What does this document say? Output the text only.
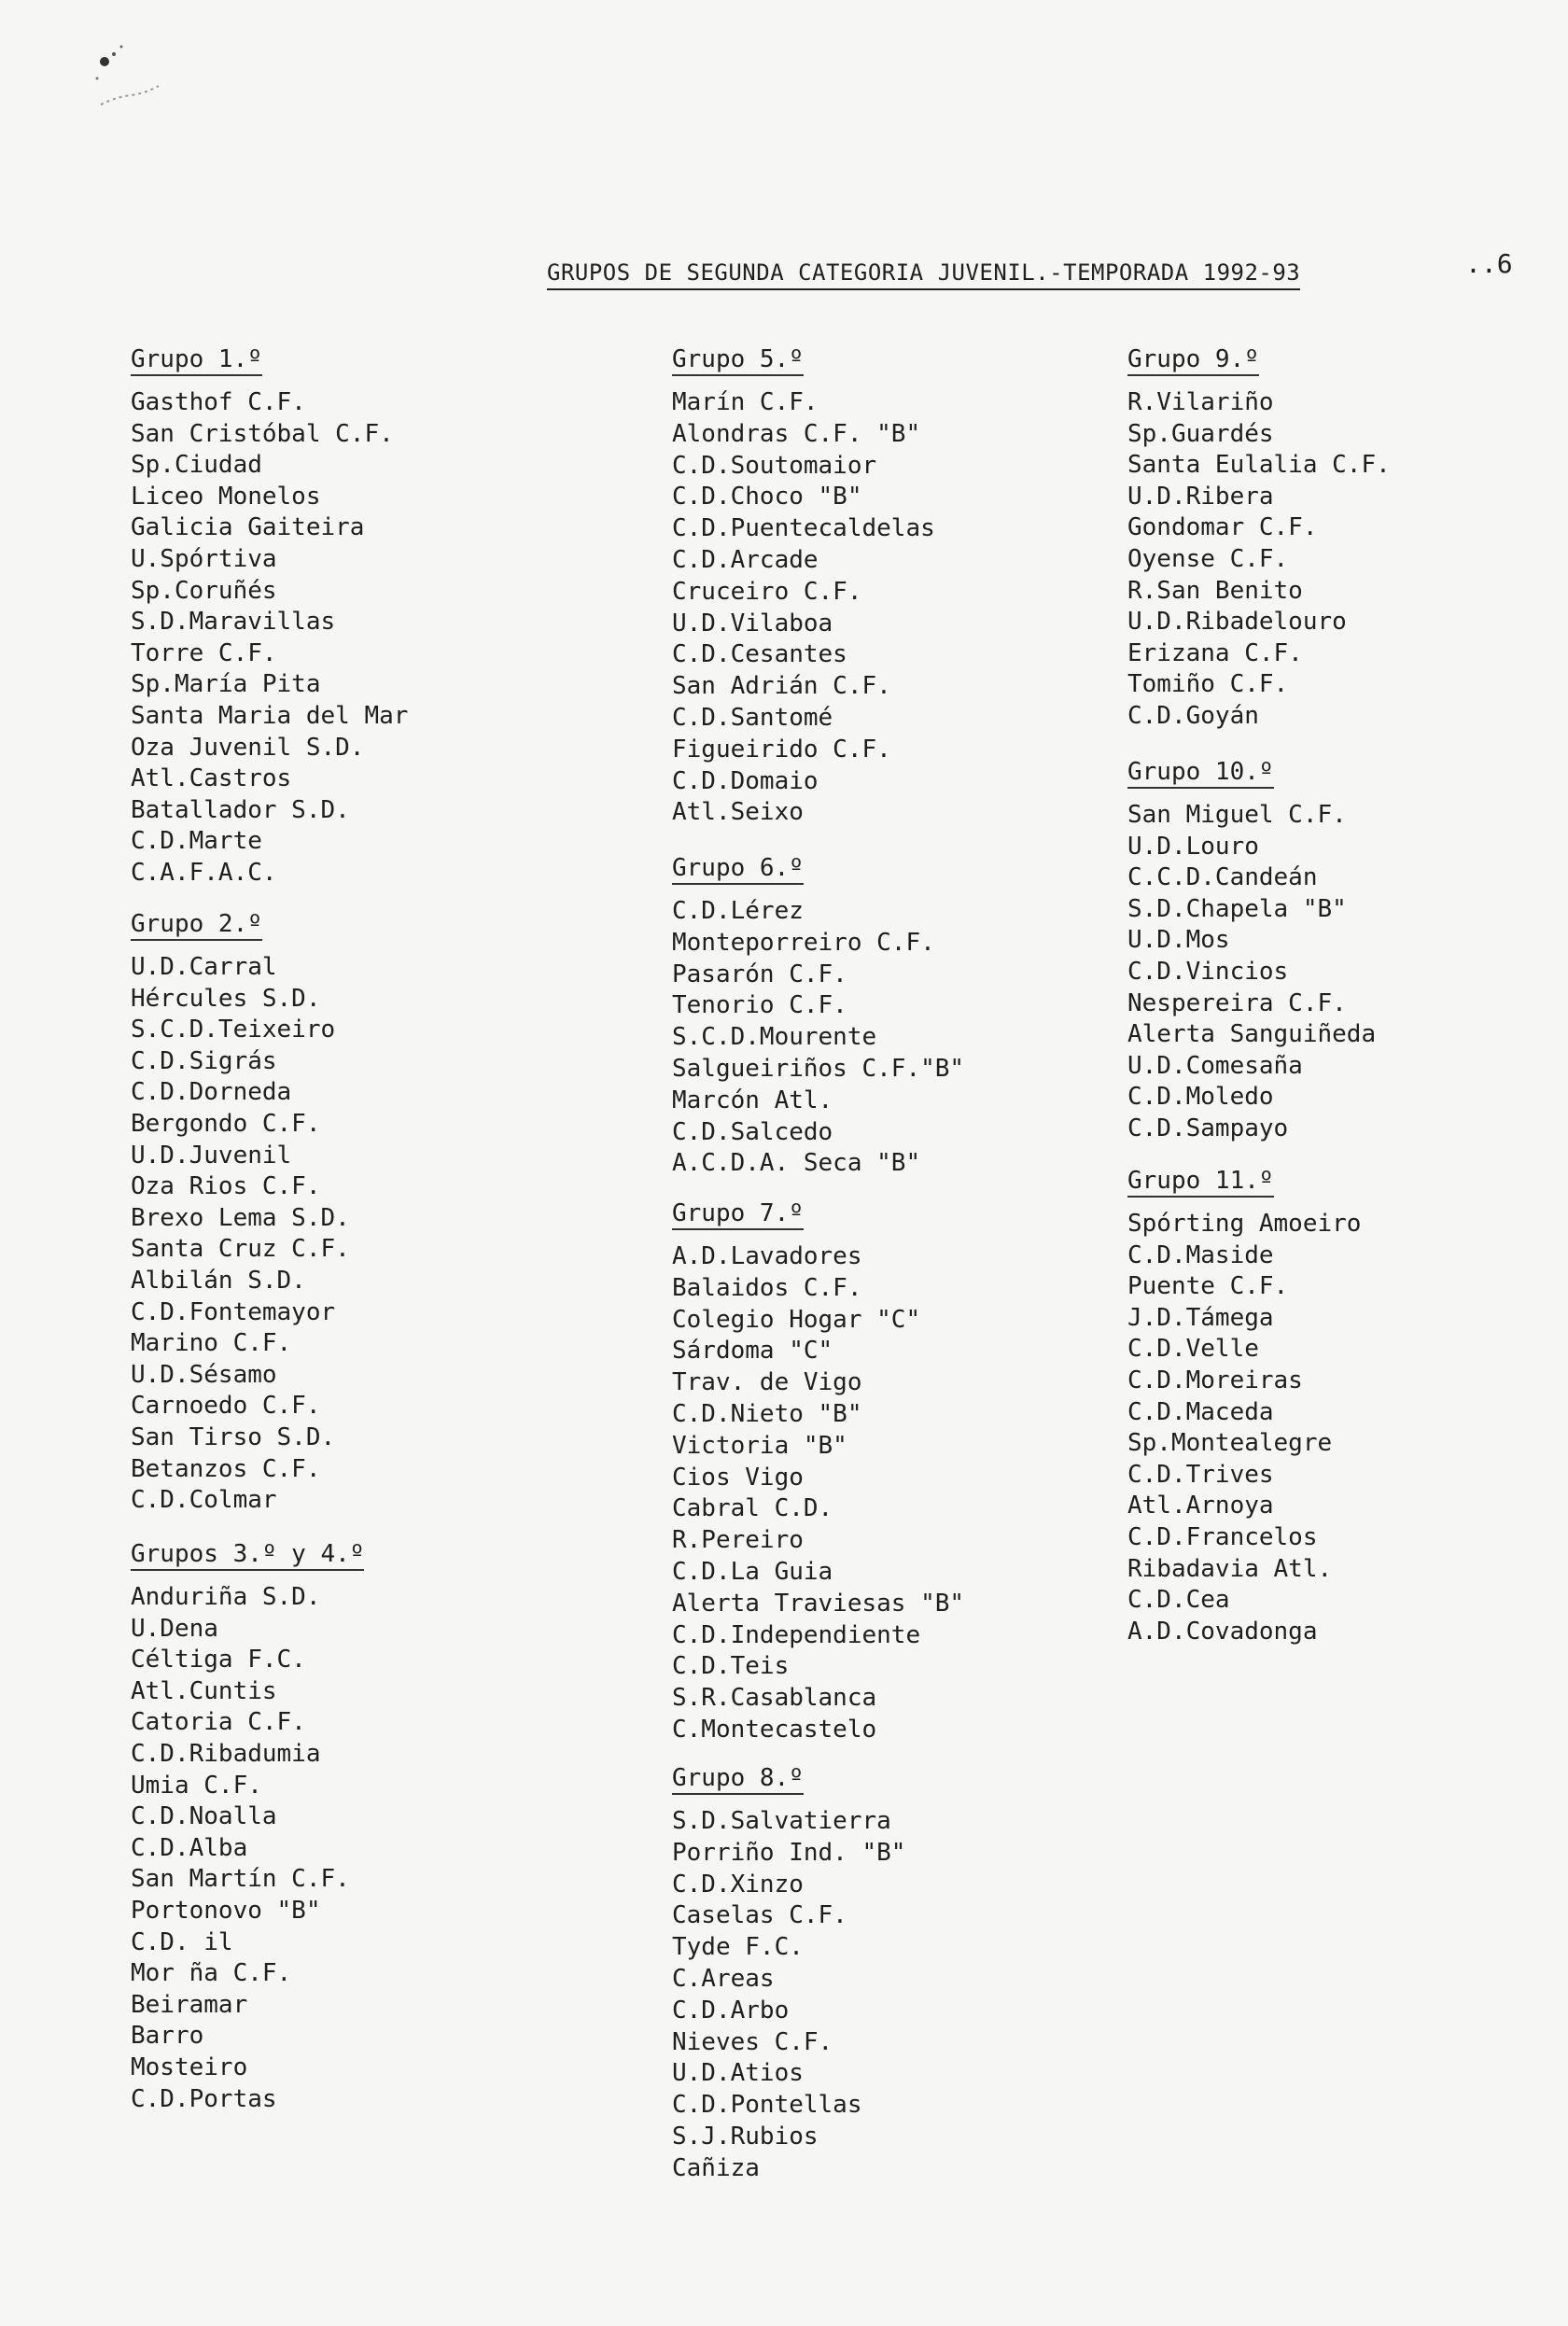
GRUPOS DE SEGUNDA CATEGORIA JUVENIL.-TEMPORADA 1992-93	..6
Grupo 1.º
Gasthof C.F.
San Cristóbal C.F.
Sp.Ciudad
Liceo Monelos
Galicia Gaiteira
U.Spórtiva
Sp.Coruñés
S.D.Maravillas
Torre C.F.
Sp.María Pita
Santa Maria del Mar
Oza Juvenil S.D.
Atl.Castros
Batallador S.D.
C.D.Marte
C.A.F.A.C.
Grupo 2.º
U.D.Carral
Hércules S.D.
S.C.D.Teixeiro
C.D.Sigrás
C.D.Dorneda
Bergondo C.F.
U.D.Juvenil
Oza Rios C.F.
Brexo Lema S.D.
Santa Cruz C.F.
Albilán S.D.
C.D.Fontemayor
Marino C.F.
U.D.Sésamo
Carnoedo C.F.
San Tirso S.D.
Betanzos C.F.
C.D.Colmar
Grupos 3.º y 4.º
Anduriña S.D.
U.Dena
Céltiga F.C.
Atl.Cuntis
Catoria C.F.
C.D.Ribadumia
Umia C.F.
C.D.Noalla
C.D.Alba
San Martín C.F.
Portonovo "B"
C.D. il
Mor ña C.F.
Beiramar
Barro
Mosteiro
C.D.Portas
Grupo 5.º
Marín C.F.
Alondras C.F. "B"
C.D.Soutomaior
C.D.Choco "B"
C.D.Puentecaldelas
C.D.Arcade
Cruceiro C.F.
U.D.Vilaboa
C.D.Cesantes
San Adrián C.F.
C.D.Santomé
Figueirido C.F.
C.D.Domaio
Atl.Seixo
Grupo 6.º
C.D.Lérez
Monteporreiro C.F.
Pasarón C.F.
Tenorio C.F.
S.C.D.Mourente
Salgueiriños C.F."B"
Marcón Atl.
C.D.Salcedo
A.C.D.A. Seca "B"
Grupo 7.º
A.D.Lavadores
Balaidos C.F.
Colegio Hogar "C"
Sárdoma "C"
Trav. de Vigo
C.D.Nieto "B"
Victoria "B"
Cios Vigo
Cabral C.D.
R.Pereiro
C.D.La Guia
Alerta Traviesas "B"
C.D.Independiente
C.D.Teis
S.R.Casablanca
C.Montecastelo
Grupo 8.º
S.D.Salvatierra
Porriño Ind. "B"
C.D.Xinzo
Caselas C.F.
Tyde F.C.
C.Areas
C.D.Arbo
Nieves C.F.
U.D.Atios
C.D.Pontellas
S.J.Rubios
Cañiza
Grupo 9.º
R.Vilariño
Sp.Guardés
Santa Eulalia C.F.
U.D.Ribera
Gondomar C.F.
Oyense C.F.
R.San Benito
U.D.Ribadelouro
Erizana C.F.
Tomiño C.F.
C.D.Goyán
Grupo 10.º
San Miguel C.F.
U.D.Louro
C.C.D.Candeán
S.D.Chapela "B"
U.D.Mos
C.D.Vincios
Nespereira C.F.
Alerta Sanguiñeda
U.D.Comesaña
C.D.Moledo
C.D.Sampayo
Grupo 11.º
Spórting Amoeiro
C.D.Maside
Puente C.F.
J.D.Támega
C.D.Velle
C.D.Moreiras
C.D.Maceda
Sp.Montealegre
C.D.Trives
Atl.Arnoya
C.D.Francelos
Ribadavia Atl.
C.D.Cea
A.D.Covadonga
